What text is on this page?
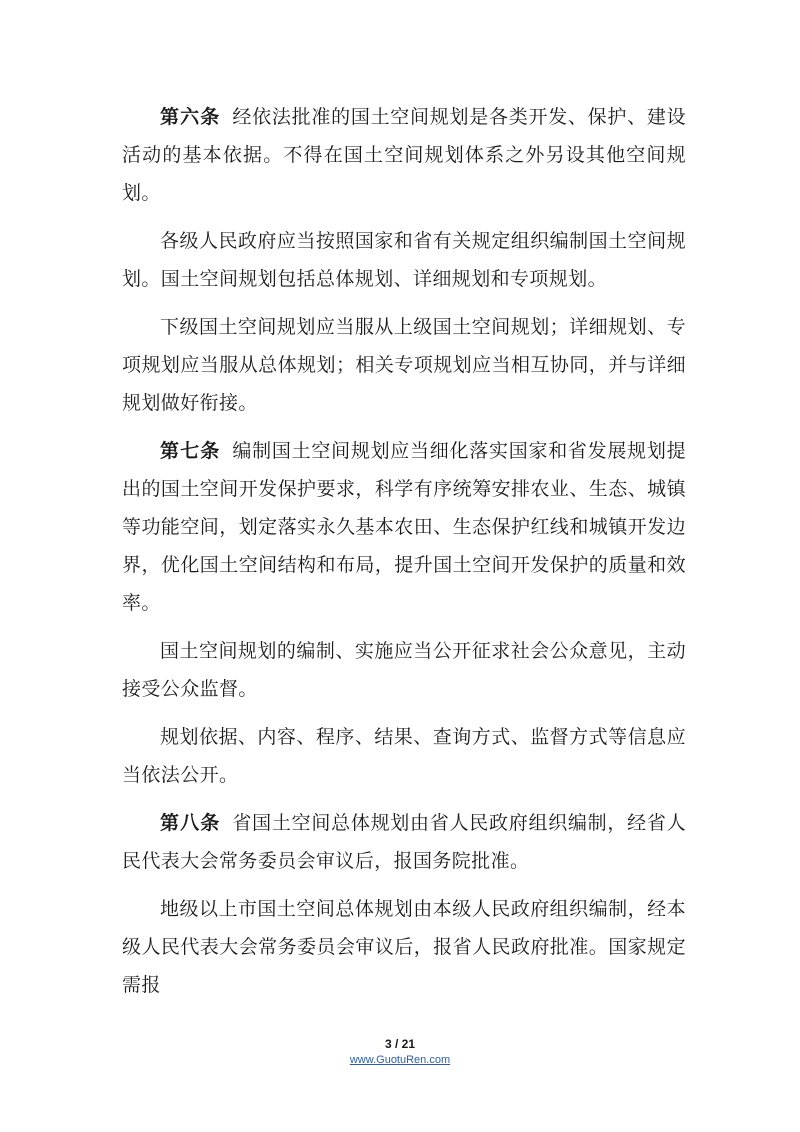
第六条 经依法批准的国土空间规划是各类开发、保护、建设活动的基本依据。不得在国土空间规划体系之外另设其他空间规划。

各级人民政府应当按照国家和省有关规定组织编制国土空间规划。国土空间规划包括总体规划、详细规划和专项规划。

下级国土空间规划应当服从上级国土空间规划；详细规划、专项规划应当服从总体规划；相关专项规划应当相互协同，并与详细规划做好衔接。

第七条 编制国土空间规划应当细化落实国家和省发展规划提出的国土空间开发保护要求，科学有序统筹安排农业、生态、城镇等功能空间，划定落实永久基本农田、生态保护红线和城镇开发边界，优化国土空间结构和布局，提升国土空间开发保护的质量和效率。

国土空间规划的编制、实施应当公开征求社会公众意见，主动接受公众监督。

规划依据、内容、程序、结果、查询方式、监督方式等信息应当依法公开。

第八条 省国土空间总体规划由省人民政府组织编制，经省人民代表大会常务委员会审议后，报国务院批准。

地级以上市国土空间总体规划由本级人民政府组织编制，经本级人民代表大会常务委员会审议后，报省人民政府批准。国家规定需报

3 / 21
www.GuotuRen.com
